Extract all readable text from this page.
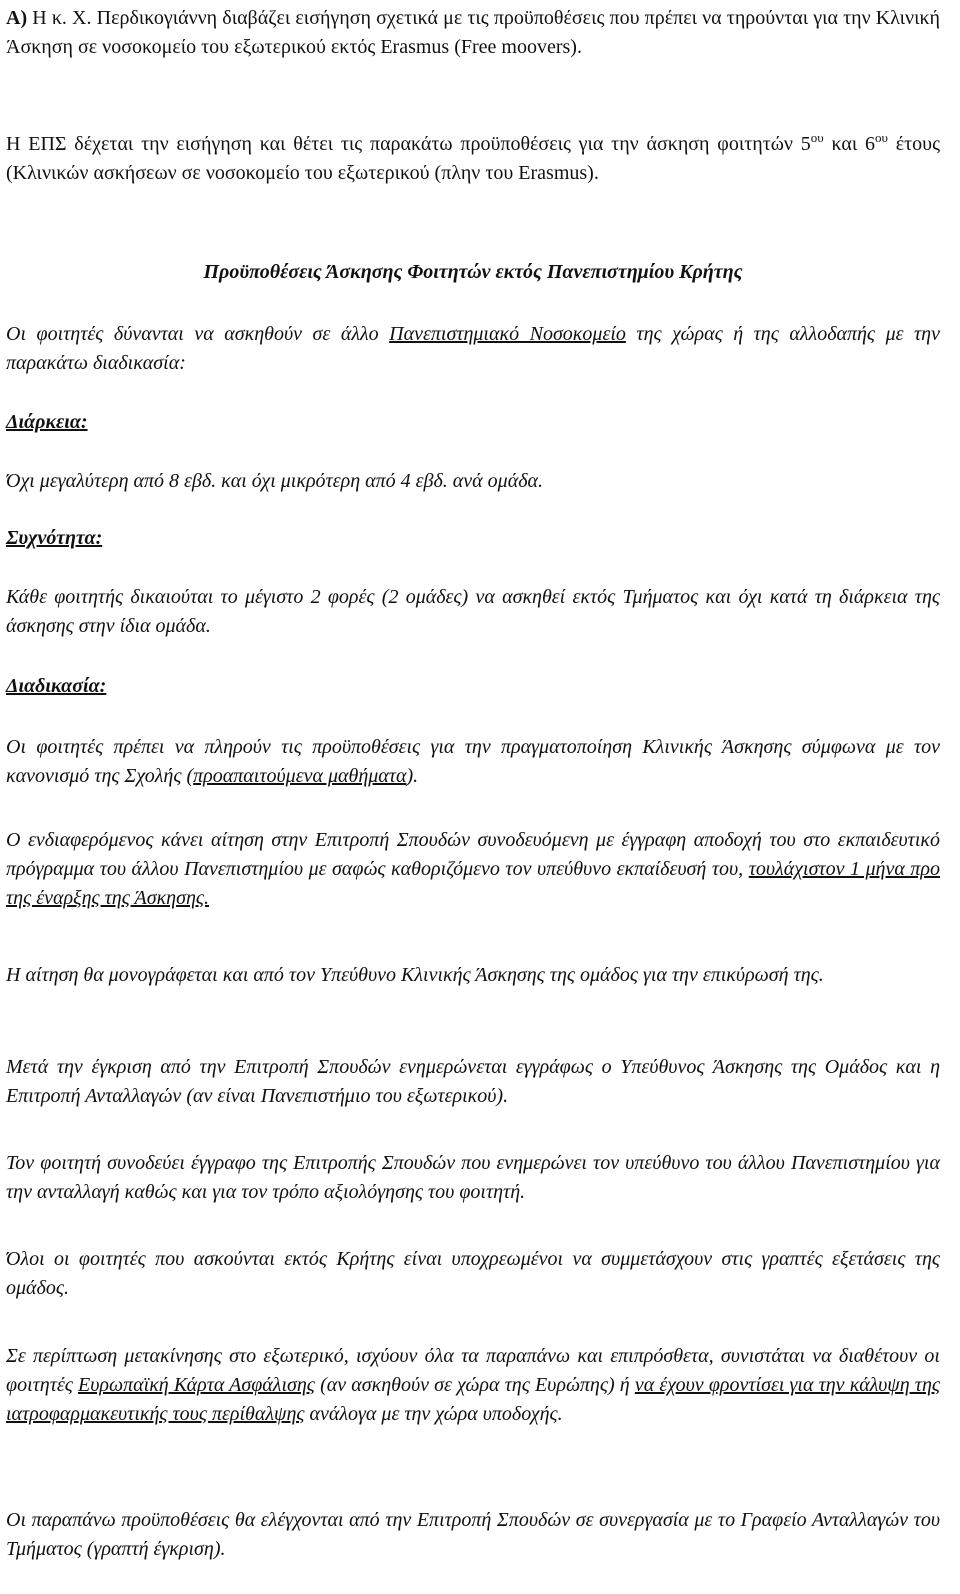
Α) Η κ. Χ. Περδικογιάννη διαβάζει εισήγηση σχετικά με τις προϋποθέσεις που πρέπει να τηρούνται για την Κλινική Άσκηση σε νοσοκομείο του εξωτερικού εκτός Erasmus (Free moovers).

Η ΕΠΣ δέχεται την εισήγηση και θέτει τις παρακάτω προϋποθέσεις για την άσκηση φοιτητών $5^{o\upsilon}$ και $6^{o\upsilon}$ έτους (Κλινικών ασκήσεων σε νοσοκομείο του εξωτερικού (πλην του Erasmus).

Προϋποθέσεις Άσκησης Φοιτητών εκτός Πανεπιστημίου Κρήτης

Οι φοιτητές δύνανται να ασκηθούν σε άλλο Πανεπιστημιακό Νοσοκομείο της χώρας ή της αλλοδαπής με την παρακάτω διαδικασία:

Διάρκεια:

Όχι μεγαλύτερη από 8 εβδ. και όχι μικρότερη από 4 εβδ. ανά ομάδα.

Συχνότητα:

Κάθε φοιτητής δικαιούται το μέγιστο 2 φορές (2 ομάδες) να ασκηθεί εκτός Τμήματος και όχι κατά τη διάρκεια της άσκησης στην ίδια ομάδα.

Διαδικασία:

Οι φοιτητές πρέπει να πληρούν τις προϋποθέσεις για την πραγματοποίηση Κλινικής Άσκησης σύμφωνα με τον κανονισμό της Σχολής (προαπαιτούμενα μαθήματα).

Ο ενδιαφερόμενος κάνει αίτηση στην Επιτροπή Σπουδών συνοδευόμενη με έγγραφη αποδοχή του στο εκπαιδευτικό πρόγραμμα του άλλου Πανεπιστημίου με σαφώς καθοριζόμενο τον υπεύθυνο εκπαίδευσή του, τουλάχιστον 1 μήνα προ της έναρξης της Άσκησης.

Η αίτηση θα μονογράφεται και από τον Υπεύθυνο Κλινικής Άσκησης της ομάδος για την επικύρωσή της.

Μετά την έγκριση από την Επιτροπή Σπουδών ενημερώνεται εγγράφως ο Υπεύθυνος Άσκησης της Ομάδος και η Επιτροπή Ανταλλαγών (αν είναι Πανεπιστήμιο του εξωτερικού).

Τον φοιτητή συνοδεύει έγγραφο της Επιτροπής Σπουδών που ενημερώνει τον υπεύθυνο του άλλου Πανεπιστημίου για την ανταλλαγή καθώς και για τον τρόπο αξιολόγησης του φοιτητή.

Όλοι οι φοιτητές που ασκούνται εκτός Κρήτης είναι υποχρεωμένοι να συμμετάσχουν στις γραπτές εξετάσεις της ομάδος.

Σε περίπτωση μετακίνησης στο εξωτερικό, ισχύουν όλα τα παραπάνω και επιπρόσθετα, συνιστάται να διαθέτουν οι φοιτητές Ευρωπαϊκή Κάρτα Ασφάλισης (αν ασκηθούν σε χώρα της Ευρώπης) ή να έχουν φροντίσει για την κάλυψη της ιατροφαρμακευτικής τους περίθαλψης ανάλογα με την χώρα υποδοχής.

Οι παραπάνω προϋποθέσεις θα ελέγχονται από την Επιτροπή Σπουδών σε συνεργασία με το Γραφείο Ανταλλαγών του Τμήματος (γραπτή έγκριση).
